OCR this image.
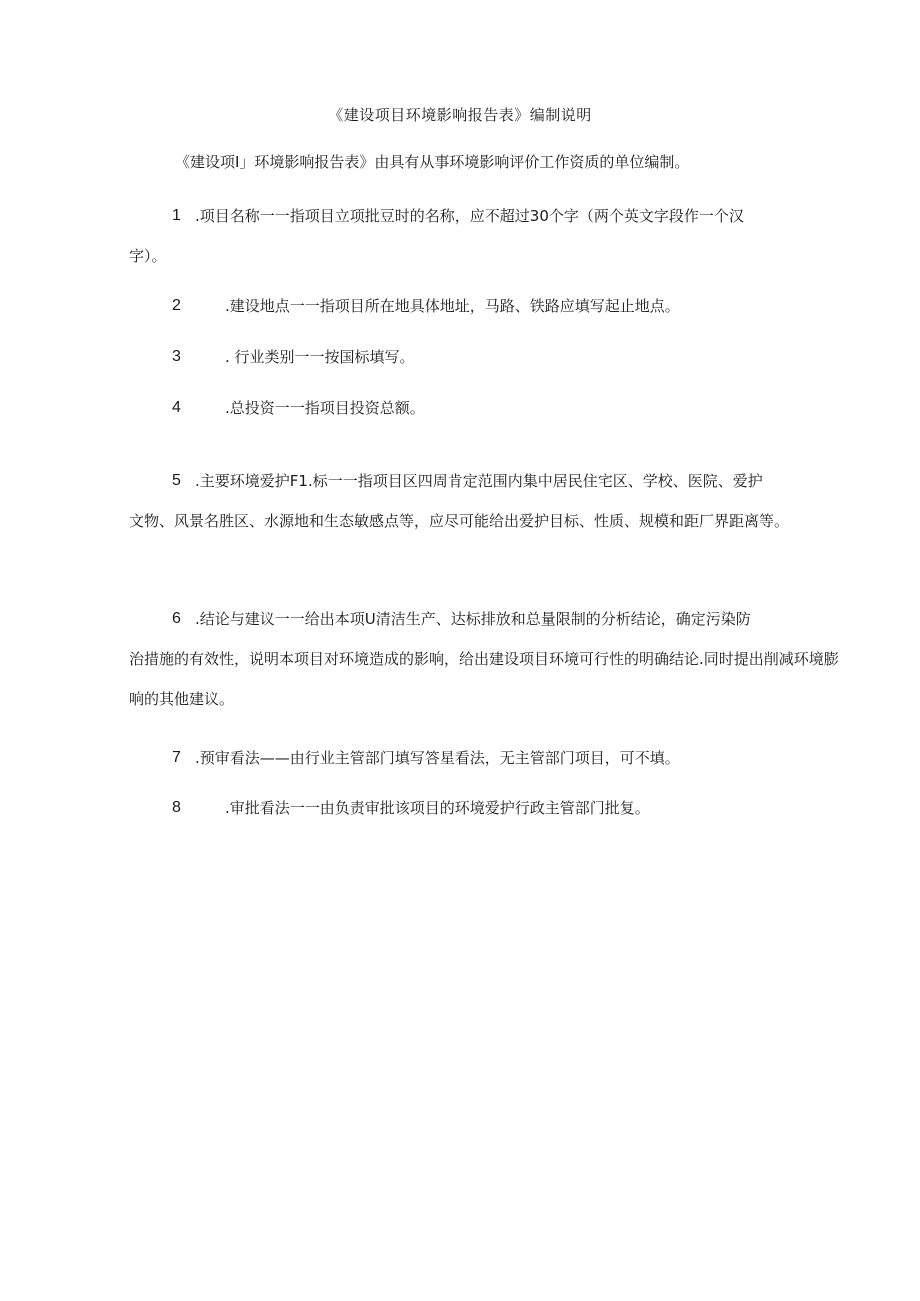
《建设项目环境影响报告表》编制说明
《建设项I」环境影响报告表》由具有从事环境影响评价工作资质的单位编制。
1 .项目名称一一指项目立项批豆时的名称，应不超过30个字（两个英文字段作一个汉
字）。
2	.建设地点一一指项目所在地具体地址，马路、铁路应填写起止地点。
3	. 行业类别一一按国标填写。
4	.总投资一一指项目投资总额。
5 .主要环境爱护F1.标一一指项目区四周肯定范围内集中居民住宅区、学校、医院、爱护
文物、风景名胜区、水源地和生态敏感点等，应尽可能给出爱护目标、性质、规模和距厂界距离等。
6 .结论与建议一一给出本项U清洁生产、达标排放和总量限制的分析结论，确定污染防
治措施的有效性，说明本项目对环境造成的影响，给出建设项目环境可行性的明确结论.同时提出削减环境膨响的其他建议。
7 .预审看法——由行业主管部门填写答星看法，无主管部门项目，可不填。
8	.审批看法一一由负责审批该项目的环境爱护行政主管部门批复。
